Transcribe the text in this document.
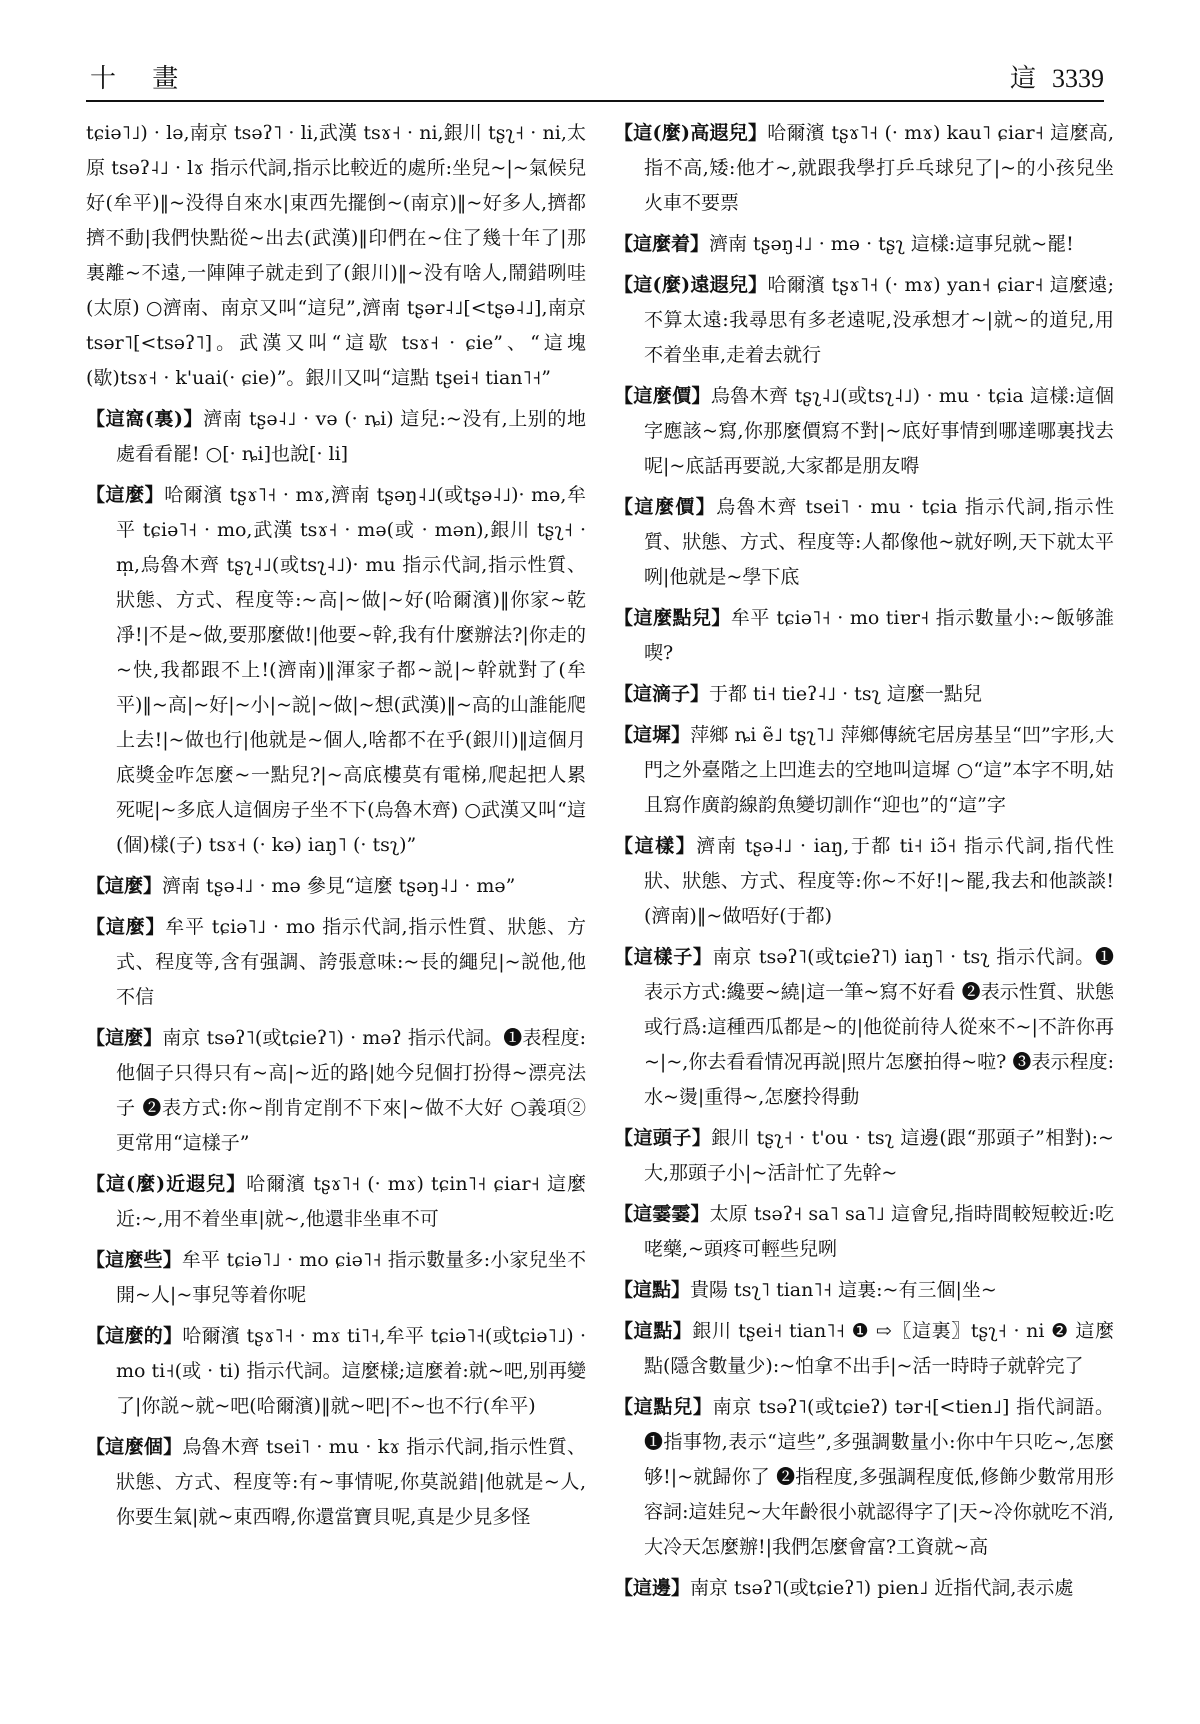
十 畫	這 3339

tɕiə˥˩) · lə,南京 tsəʔ˥ · li,武漢 tsɤ˧ · ni,銀川 tʂʅ˧ · ni,太原 tsəʔ˨˩ · lɤ 指示代詞,指示比較近的處所:坐兒~|~氣候兒好(牟平)‖~没得自來水|東西先擺倒~(南京)‖~好多人,擠都擠不動|我們快點從~出去(武漢)‖印們在~住了幾十年了|那裏離~不遠,一陣陣子就走到了(銀川)‖~没有啥人,鬧錯咧哇(太原) ○濟南、南京又叫“這兒”,濟南 tʂər˨˩[<tʂə˨˩],南京 tsər˥[<tsəʔ˥]。武漢又叫“這歇 tsɤ˧ · ɕie”、“這塊(歇)tsɤ˧ · k'uai(· ɕie)”。銀川又叫“這點 tʂei˧ tian˥˧”

【這窩(裏)】濟南 tʂə˨˩ · və (· ȵi) 這兒:~没有,上别的地處看看罷! ○[· ȵi]也說[· li]

【這麼】哈爾濱 tʂɤ˥˧ · mɤ,濟南 tʂəŋ˨˩(或tʂə˨˩)· mə,牟平 tɕiə˥˧ · mo,武漢 tsɤ˧ · mə(或 · mən),銀川 tʂʅ˧ · m̩,烏魯木齊 tʂʅ˨˩(或tsʅ˨˩)· mu 指示代詞,指示性質、狀態、方式、程度等:~高|~做|~好(哈爾濱)‖你家~乾凈!|不是~做,要那麼做!|他要~幹,我有什麼辦法?|你走的~快,我都跟不上!(濟南)‖渾家子都~説|~幹就對了(牟平)‖~高|~好|~小|~説|~做|~想(武漢)‖~高的山誰能爬上去!|~做也行|他就是~個人,啥都不在乎(銀川)‖這個月底獎金咋怎麼~一點兒?|~高底樓莫有電梯,爬起把人累死呢|~多底人這個房子坐不下(烏魯木齊) ○武漢又叫“這(個)樣(子) tsɤ˧ (· kə) iaŋ˥ (· tsʅ)”

【這麼】濟南 tʂə˨˩ · mə 參見“這麼 tʂəŋ˨˩ · mə”

【這麼】牟平 tɕiə˥˩ · mo 指示代詞,指示性質、狀態、方式、程度等,含有强調、誇張意味:~長的繩兒|~説他,他不信

【這麼】南京 tsəʔ˥(或tɕieʔ˥) · məʔ 指示代詞。❶表程度:他個子只得只有~高|~近的路|她今兒個打扮得~漂亮法子 ❷表方式:你~削肯定削不下來|~做不大好 ○義項②更常用“這樣子”

【這(麼)近遐兒】哈爾濱 tʂɤ˥˧ (· mɤ) tɕin˥˧ ɕiar˧ 這麼近:~,用不着坐車|就~,他還非坐車不可

【這麼些】牟平 tɕiə˥˩ · mo ɕiə˥˧ 指示數量多:小家兒坐不開~人|~事兒等着你呢

【這麼的】哈爾濱 tʂɤ˥˧ · mɤ ti˥˧,牟平 tɕiə˥˧(或tɕiə˥˩) · mo ti˧(或 · ti) 指示代詞。這麼樣;這麼着:就~吧,别再變了|你説~就~吧(哈爾濱)‖就~吧|不~也不行(牟平)

【這麼個】烏魯木齊 tsei˥ · mu · kɤ 指示代詞,指示性質、狀態、方式、程度等:有~事情呢,你莫説錯|他就是~人,你要生氣|就~東西嘚,你還當寶貝呢,真是少見多怪

【這(麼)高遐兒】哈爾濱 tʂɤ˥˧ (· mɤ) kau˥ ɕiar˧ 這麼高,指不高,矮:他才~,就跟我學打乒乓球兒了|~的小孩兒坐火車不要票

【這麼着】濟南 tʂəŋ˨˩ · mə · tʂʅ 這樣:這事兒就~罷!

【這(麼)遠遐兒】哈爾濱 tʂɤ˥˧ (· mɤ) yan˧ ɕiar˧ 這麼遠;不算太遠:我尋思有多老遠呢,没承想才~|就~的道兒,用不着坐車,走着去就行

【這麼價】烏魯木齊 tʂʅ˨˩(或tsʅ˨˩) · mu · tɕia 這樣:這個字應該~寫,你那麼價寫不對|~底好事情到哪達哪裏找去呢|~底話再要説,大家都是朋友嘚

【這麼價】烏魯木齊 tsei˥ · mu · tɕia 指示代詞,指示性質、狀態、方式、程度等:人都像他~就好咧,天下就太平咧|他就是~學下底

【這麼點兒】牟平 tɕiə˥˧ · mo tiɐr˧ 指示數量小:~飯够誰喫?

【這滴子】于都 ti˧ tieʔ˨˩ · tsʅ 這麼一點兒

【這墀】萍鄉 ȵi ẽ˩ tʂʅ˥˩ 萍鄉傳統宅居房基呈“凹”字形,大門之外臺階之上凹進去的空地叫這墀 ○“這”本字不明,姑且寫作廣韵線韵魚變切訓作“迎也”的“這”字

【這樣】濟南 tʂə˨˩ · iaŋ,于都 ti˧ iɔ̃˧ 指示代詞,指代性狀、狀態、方式、程度等:你~不好!|~罷,我去和他談談!(濟南)‖~做唔好(于都)

【這樣子】南京 tsəʔ˥(或tɕieʔ˥) iaŋ˥ · tsʅ 指示代詞。❶表示方式:纔要~繞|這一筆~寫不好看 ❷表示性質、狀態或行爲:這種西瓜都是~的|他從前待人從來不~|不許你再~|~,你去看看情况再説|照片怎麼拍得~啦? ❸表示程度:水~燙|重得~,怎麼拎得動

【這頭子】銀川 tʂʅ˧ · t'ou · tsʅ 這邊(跟“那頭子”相對):~大,那頭子小|~活計忙了先幹~

【這霎霎】太原 tsəʔ˧ sa˥ sa˥˩ 這會兒,指時間較短較近:吃咾藥,~頭疼可輕些兒咧

【這點】貴陽 tsʅ˥ tian˥˧ 這裏:~有三個|坐~

【這點】銀川 tʂei˧ tian˥˧ ❶ ⇨〖這裏〗tʂʅ˧ · ni ❷ 這麼點(隱含數量少):~怕拿不出手|~活一時時子就幹完了

【這點兒】南京 tsəʔ˥(或tɕieʔ) tər˧[<tien˩] 指代詞語。❶指事物,表示“這些”,多强調數量小:你中午只吃~,怎麼够!|~就歸你了 ❷指程度,多强調程度低,修飾少數常用形容詞:這娃兒~大年齡很小就認得字了|天~冷你就吃不消,大冷天怎麼辦!|我們怎麼會富?工資就~高

【這邊】南京 tsəʔ˥(或tɕieʔ˥) pien˩ 近指代詞,表示處
